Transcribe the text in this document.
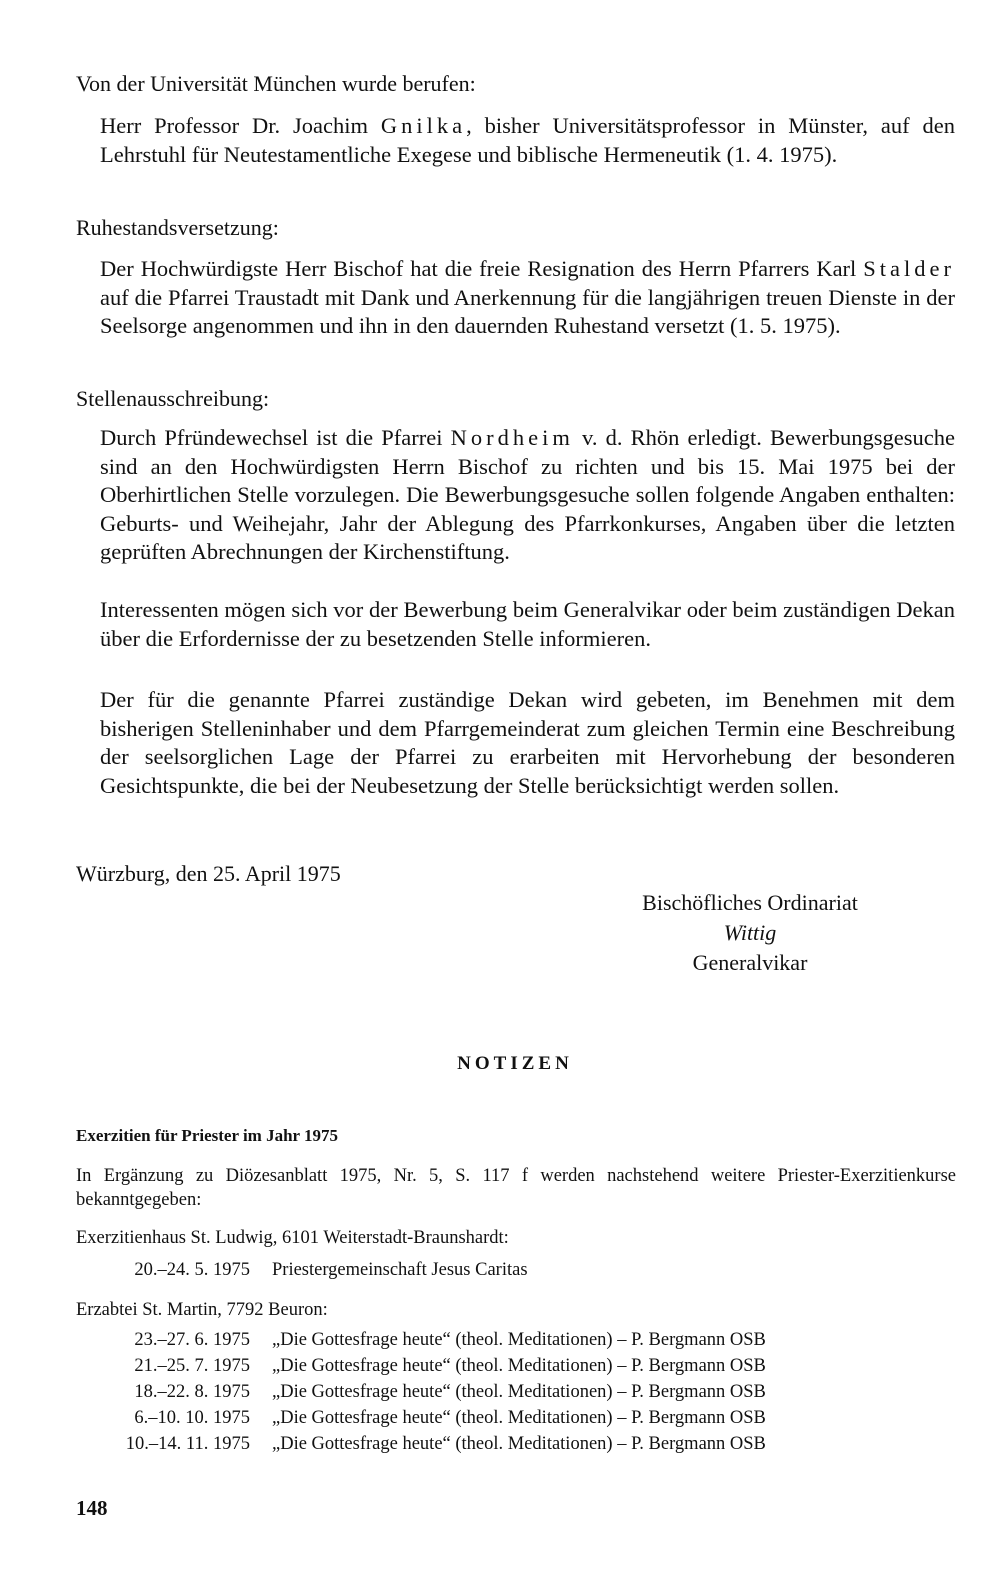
Von der Universität München wurde berufen:
Herr Professor Dr. Joachim Gnilka, bisher Universitätsprofessor in Münster, auf den Lehrstuhl für Neutestamentliche Exegese und biblische Hermeneutik (1. 4. 1975).
Ruhestandsversetzung:
Der Hochwürdigste Herr Bischof hat die freie Resignation des Herrn Pfarrers Karl Stalder auf die Pfarrei Traustadt mit Dank und Anerkennung für die langjährigen treuen Dienste in der Seelsorge angenommen und ihn in den dauernden Ruhestand versetzt (1. 5. 1975).
Stellenausschreibung:
Durch Pfründewechsel ist die Pfarrei Nordheim v. d. Rhön erledigt. Bewerbungsgesuche sind an den Hochwürdigsten Herrn Bischof zu richten und bis 15. Mai 1975 bei der Oberhirtlichen Stelle vorzulegen. Die Bewerbungsgesuche sollen folgende Angaben enthalten: Geburts- und Weihejahr, Jahr der Ablegung des Pfarrkonkurses, Angaben über die letzten geprüften Abrechnungen der Kirchenstiftung.
Interessenten mögen sich vor der Bewerbung beim Generalvikar oder beim zuständigen Dekan über die Erfordernisse der zu besetzenden Stelle informieren.
Der für die genannte Pfarrei zuständige Dekan wird gebeten, im Benehmen mit dem bisherigen Stelleninhaber und dem Pfarrgemeinderat zum gleichen Termin eine Beschreibung der seelsorglichen Lage der Pfarrei zu erarbeiten mit Hervorhebung der besonderen Gesichtspunkte, die bei der Neubesetzung der Stelle berücksichtigt werden sollen.
Würzburg, den 25. April 1975
Bischöfliches Ordinariat
Wittig
Generalvikar
NOTIZEN
Exerzitien für Priester im Jahr 1975
In Ergänzung zu Diözesanblatt 1975, Nr. 5, S. 117 f werden nachstehend weitere Priester-Exerzitienkurse bekanntgegeben:
Exerzitienhaus St. Ludwig, 6101 Weiterstadt-Braunshardt:
20.–24. 5. 1975 Priestergemeinschaft Jesus Caritas
Erzabtei St. Martin, 7792 Beuron:
23.–27. 6. 1975 „Die Gottesfrage heute“ (theol. Meditationen) – P. Bergmann OSB
21.–25. 7. 1975 „Die Gottesfrage heute“ (theol. Meditationen) – P. Bergmann OSB
18.–22. 8. 1975 „Die Gottesfrage heute“ (theol. Meditationen) – P. Bergmann OSB
6.–10. 10. 1975 „Die Gottesfrage heute“ (theol. Meditationen) – P. Bergmann OSB
10.–14. 11. 1975 „Die Gottesfrage heute“ (theol. Meditationen) – P. Bergmann OSB
148
